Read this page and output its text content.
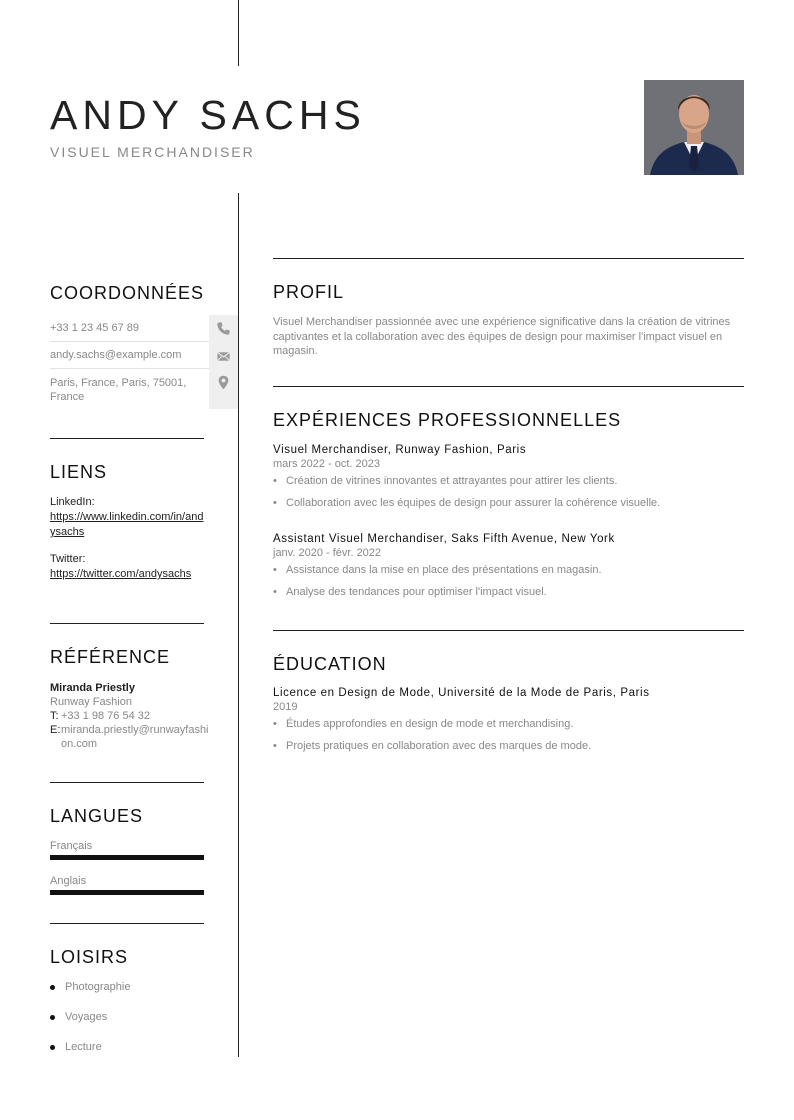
ANDY SACHS
VISUEL MERCHANDISER
COORDONNÉES
+33 1 23 45 67 89
andy.sachs@example.com
Paris, France, Paris, 75001, France
LIENS
LinkedIn:
https://www.linkedin.com/in/andysachs
Twitter:
https://twitter.com/andysachs
RÉFÉRENCE
Miranda Priestly
Runway Fashion
T: +33 1 98 76 54 32
E: miranda.priestly@runwayfashion.com
LANGUES
Français
Anglais
LOISIRS
Photographie
Voyages
Lecture
PROFIL

Visuel Merchandiser passionnée avec une expérience significative dans la création de vitrines captivantes et la collaboration avec des équipes de design pour maximiser l'impact visuel en magasin.

EXPÉRIENCES PROFESSIONNELLES
Visuel Merchandiser, Runway Fashion, Paris
mars 2022 - oct. 2023
• Création de vitrines innovantes et attrayantes pour attirer les clients.
• Collaboration avec les équipes de design pour assurer la cohérence visuelle.
Assistant Visuel Merchandiser, Saks Fifth Avenue, New York
janv. 2020 - févr. 2022
• Assistance dans la mise en place des présentations en magasin.
• Analyse des tendances pour optimiser l'impact visuel.
ÉDUCATION
Licence en Design de Mode, Université de la Mode de Paris, Paris
2019
• Études approfondies en design de mode et merchandising.
• Projets pratiques en collaboration avec des marques de mode.
